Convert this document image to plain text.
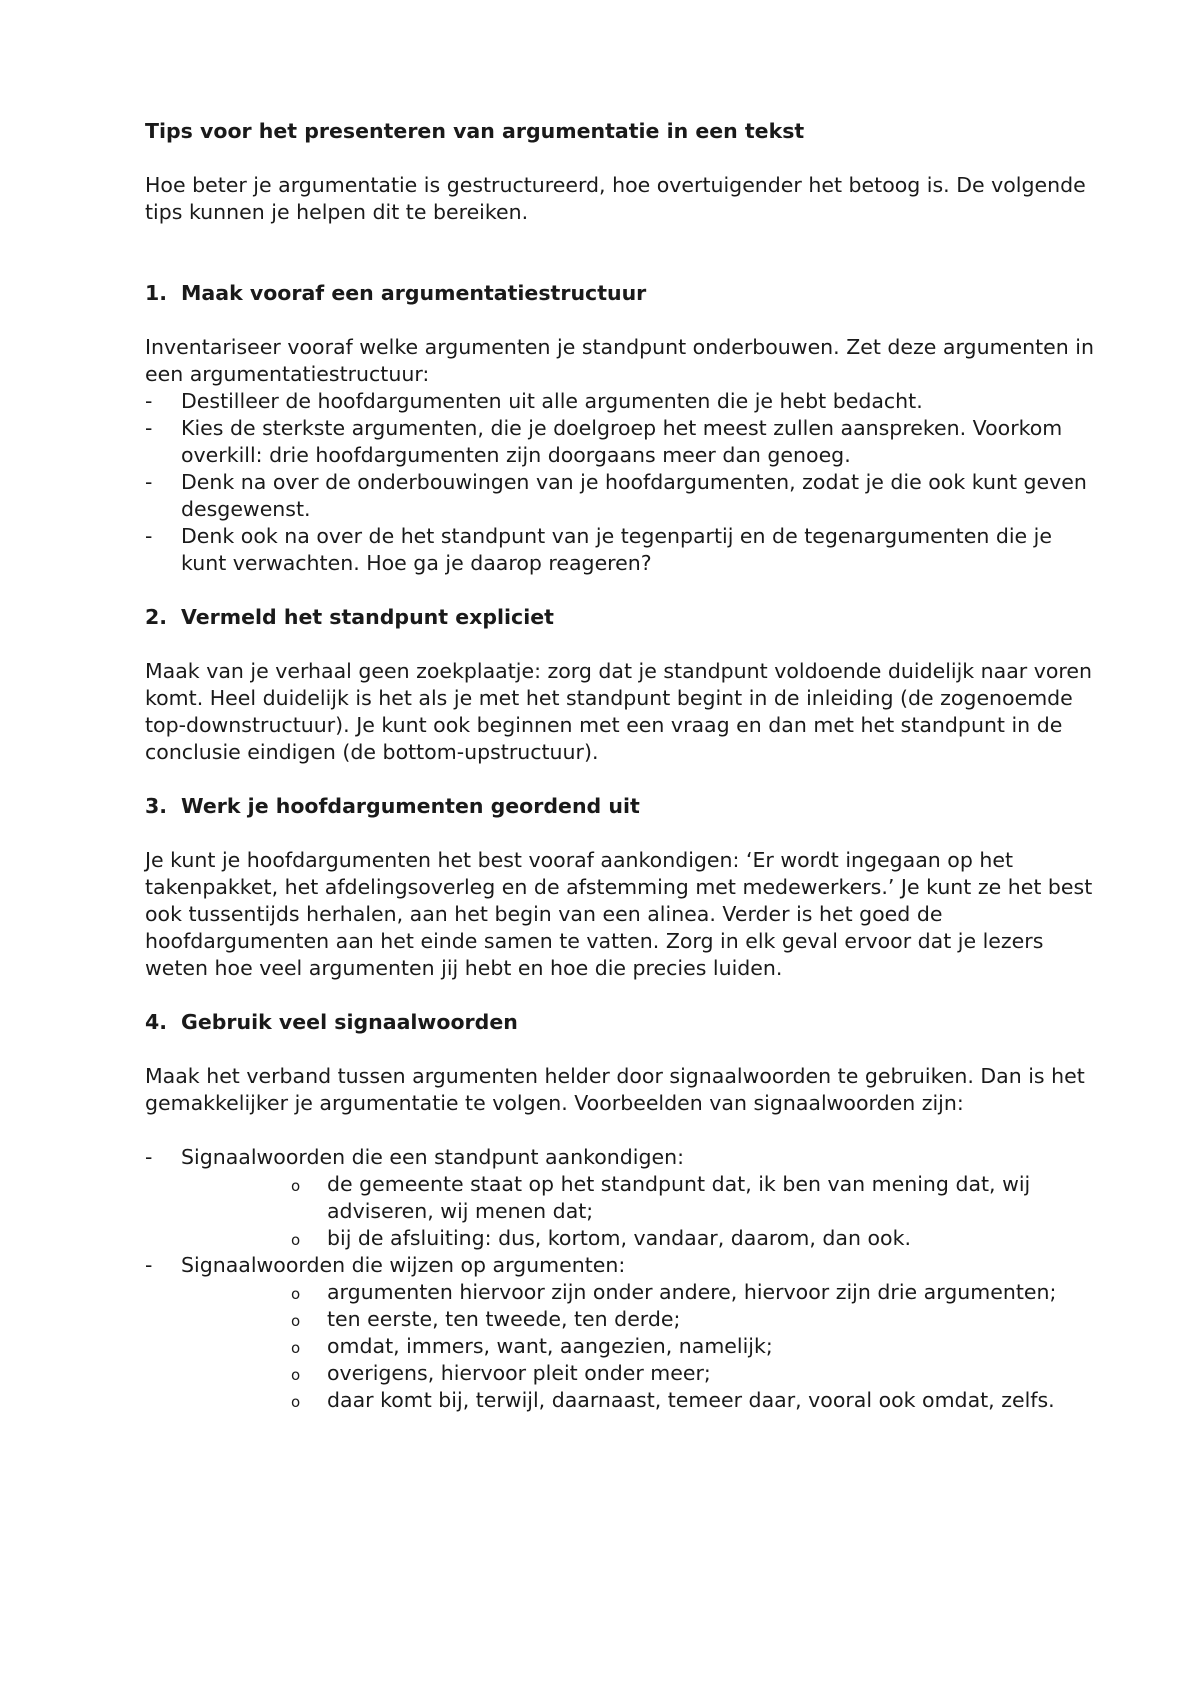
Tips voor het presenteren van argumentatie in een tekst

Hoe beter je argumentatie is gestructureerd, hoe overtuigender het betoog is. De volgende tips kunnen je helpen dit te bereiken.

1. Maak vooraf een argumentatiestructuur

Inventariseer vooraf welke argumenten je standpunt onderbouwen. Zet deze argumenten in een argumentatiestructuur:

- Destilleer de hoofdargumenten uit alle argumenten die je hebt bedacht.
- Kies de sterkste argumenten, die je doelgroep het meest zullen aanspreken. Voorkom overkill: drie hoofdargumenten zijn doorgaans meer dan genoeg.
- Denk na over de onderbouwingen van je hoofdargumenten, zodat je die ook kunt geven desgewenst.
- Denk ook na over de het standpunt van je tegenpartij en de tegenargumenten die je kunt verwachten. Hoe ga je daarop reageren?
2. Vermeld het standpunt expliciet

Maak van je verhaal geen zoekplaatje: zorg dat je standpunt voldoende duidelijk naar voren komt. Heel duidelijk is het als je met het standpunt begint in de inleiding (de zogenoemde top-downstructuur). Je kunt ook beginnen met een vraag en dan met het standpunt in de conclusie eindigen (de bottom-upstructuur).

3. Werk je hoofdargumenten geordend uit

Je kunt je hoofdargumenten het best vooraf aankondigen: ‘Er wordt ingegaan op het takenpakket, het afdelingsoverleg en de afstemming met medewerkers.’ Je kunt ze het best ook tussentijds herhalen, aan het begin van een alinea. Verder is het goed de hoofdargumenten aan het einde samen te vatten. Zorg in elk geval ervoor dat je lezers weten hoe veel argumenten jij hebt en hoe die precies luiden.

4. Gebruik veel signaalwoorden

Maak het verband tussen argumenten helder door signaalwoorden te gebruiken. Dan is het gemakkelijker je argumentatie te volgen. Voorbeelden van signaalwoorden zijn:

- Signaalwoorden die een standpunt aankondigen:
o de gemeente staat op het standpunt dat, ik ben van mening dat, wij adviseren, wij menen dat;
o bij de afsluiting: dus, kortom, vandaar, daarom, dan ook.
- Signaalwoorden die wijzen op argumenten:
o argumenten hiervoor zijn onder andere, hiervoor zijn drie argumenten;
o ten eerste, ten tweede, ten derde;
o omdat, immers, want, aangezien, namelijk;
o overigens, hiervoor pleit onder meer;
o daar komt bij, terwijl, daarnaast, temeer daar, vooral ook omdat, zelfs.
